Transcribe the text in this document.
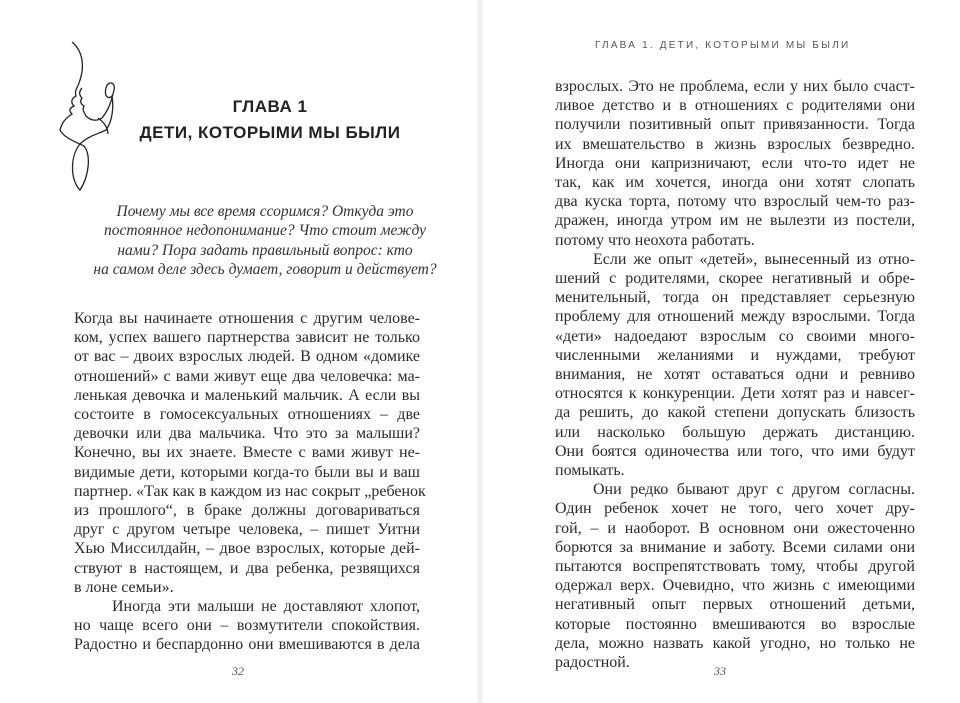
ГЛАВА 1
ДЕТИ, КОТОРЫМИ МЫ БЫЛИ
Почему мы все время ссоримся? Откуда это
постоянное недопонимание? Что стоит между
нами? Пора задать правильный вопрос: кто
на самом деле здесь думает, говорит и действует?
Когда вы начинаете отношения с другим челове-
ком, успех вашего партнерства зависит не только
от вас – двоих взрослых людей. В одном «домике
отношений» с вами живут еще два человечка: ма-
ленькая девочка и маленький мальчик. А если вы
состоите в гомосексуальных отношениях – две
девочки или два мальчика. Что это за малыши?
Конечно, вы их знаете. Вместе с вами живут не-
видимые дети, которыми когда-то были вы и ваш
партнер. «Так как в каждом из нас сокрыт „ребенок
из прошлого“, в браке должны договариваться
друг с другом четыре человека, – пишет Уитни
Хью Миссилдайн, – двое взрослых, которые дей-
ствуют в настоящем, и два ребенка, резвящихся
в лоне семьи».
Иногда эти малыши не доставляют хлопот,
но чаще всего они – возмутители спокойствия.
Радостно и беспардонно они вмешиваются в дела
32
ГЛАВА 1. ДЕТИ, КОТОРЫМИ МЫ БЫЛИ
взрослых. Это не проблема, если у них было счаст-
ливое детство и в отношениях с родителями они
получили позитивный опыт привязанности. Тогда
их вмешательство в жизнь взрослых безвредно.
Иногда они капризничают, если что-то идет не
так, как им хочется, иногда они хотят слопать
два куска торта, потому что взрослый чем-то раз-
дражен, иногда утром им не вылезти из постели,
потому что неохота работать.
Если же опыт «детей», вынесенный из отно-
шений с родителями, скорее негативный и обре-
менительный, тогда он представляет серьезную
проблему для отношений между взрослыми. Тогда
«дети» надоедают взрослым со своими много-
численными желаниями и нуждами, требуют
внимания, не хотят оставаться одни и ревниво
относятся к конкуренции. Дети хотят раз и навсег-
да решить, до какой степени допускать близость
или насколько большую держать дистанцию.
Они боятся одиночества или того, что ими будут
помыкать.
Они редко бывают друг с другом согласны.
Один ребенок хочет не того, чего хочет дру-
гой, – и наоборот. В основном они ожесточенно
борются за внимание и заботу. Всеми силами они
пытаются воспрепятствовать тому, чтобы другой
одержал верх. Очевидно, что жизнь с имеющими
негативный опыт первых отношений детьми,
которые постоянно вмешиваются во взрослые
дела, можно назвать какой угодно, но только не
радостной.	33
